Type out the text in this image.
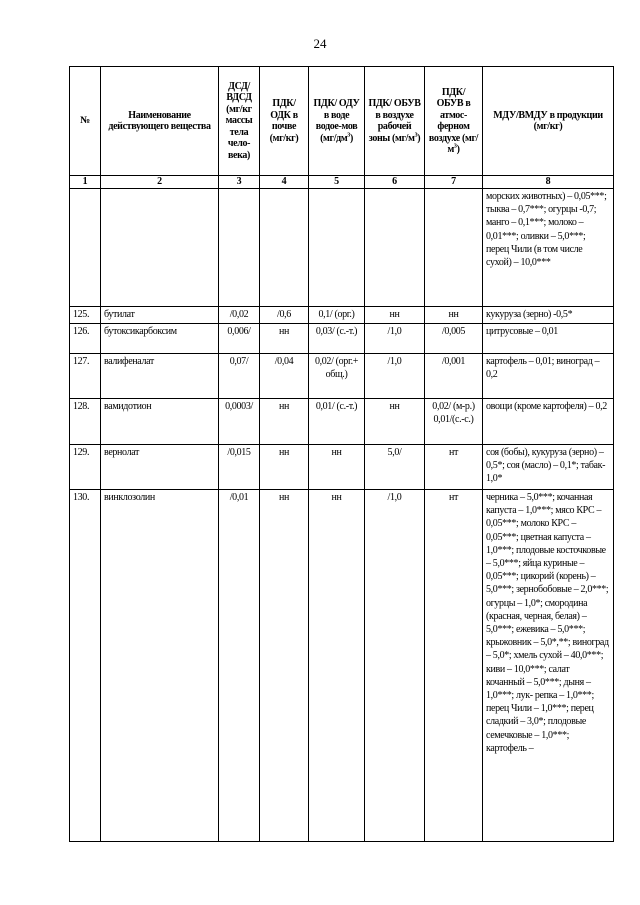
24
№	Наименование действующего вещества	ДСД/ ВДСД (мг/кг массы тела чело-века)	ПДК/ ОДК в почве (мг/кг)	ПДК/ ОДУ в воде водое-мов $(мг/дм^3)$	ПДК/ ОБУВ в воздухе рабочей зоны $(мг/м^3)$	ПДК/ ОБУВ в атмос-ферном воздухе $(мг/м^3)$	МДУ/ВМДУ в продукции (мг/кг)
1	2	3	4	5	6	7	8
							морских животных) – 0,05***; тыква – 0,7***; огурцы -0,7; манго – 0,1***; молоко – 0,01***; оливки – 5,0***; перец Чили (в том числе сухой) – 10,0***
125.	бутилат	/0,02	/0,6	0,1/ (орг.)	нн	нн	кукуруза (зерно) -0,5*
126.	бутоксикарбоксим	0,006/	нн	0,03/ (с.-т.)	/1,0	/0,005	цитрусовые – 0,01
127.	валифеналат	0,07/	/0,04	0,02/ (орг.+ общ.)	/1,0	/0,001	картофель – 0,01; виноград – 0,2
128.	вамидотион	0,0003/	нн	0,01/ (с.-т.)	нн	0,02/ (м-р.) 0,01/(с.-с.)	овощи (кроме картофеля) – 0,2
129.	вернолат	/0,015	нн	нн	5,0/	нт	соя (бобы), кукуруза (зерно) – 0,5*; соя (масло) – 0,1*; табак- 1,0*
130.	винклозолин	/0,01	нн	нн	/1,0	нт	черника – 5,0***; кочанная капуста – 1,0***; мясо КРС – 0,05***; молоко КРС – 0,05***; цветная капуста – 1,0***; плодовые косточковые – 5,0***; яйца куриные – 0,05***; цикорий (корень) – 5,0***; зернобобовые – 2,0***; огурцы – 1,0*; смородина (красная, черная, белая) – 5,0***; ежевика – 5,0***; крыжовник – 5,0*,**; виноград – 5,0*; хмель сухой – 40,0***; киви – 10,0***; салат кочанный – 5,0***; дыня – 1,0***; лук- репка – 1,0***; перец Чили – 1,0***; перец сладкий – 3,0*; плодовые семечковые – 1,0***; картофель –
